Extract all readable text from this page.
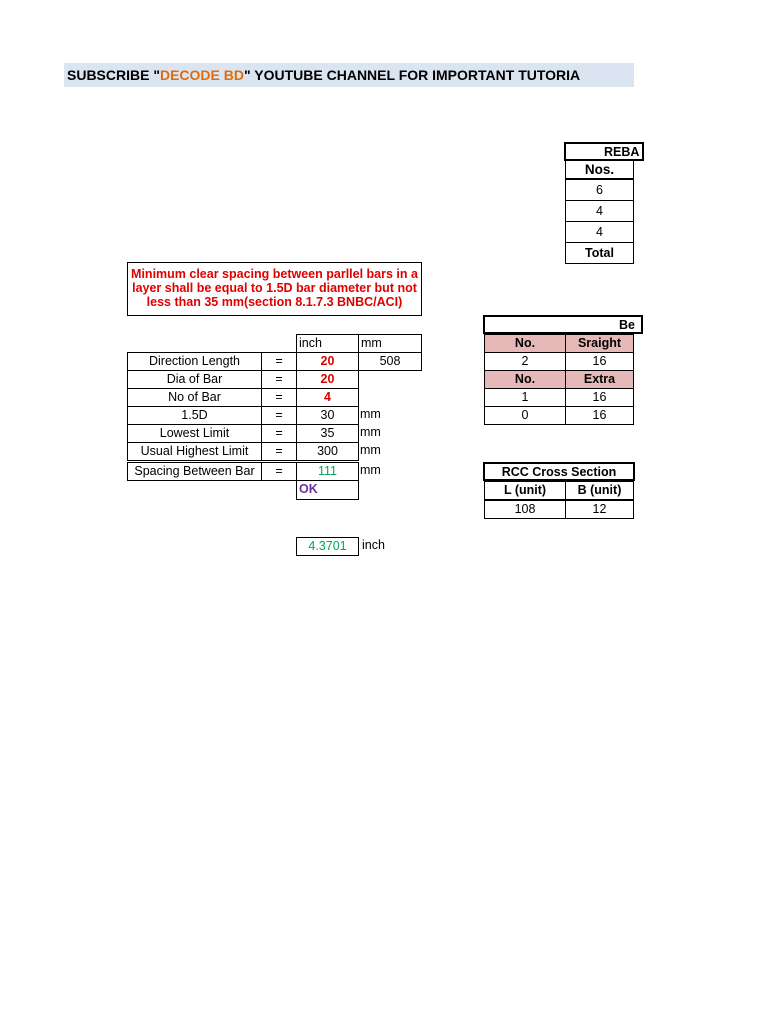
SUBSCRIBE "DECODE BD" YOUTUBE CHANNEL FOR IMPORTANT TUTORIA
Minimum clear spacing between parllel bars in a layer shall be equal to 1.5D bar diameter but not less than 35 mm(section 8.1.7.3 BNBC/ACI)
inch	mm
Direction Length	=	20	508
Dia of Bar	=	20
No of Bar	=	4
1.5D	=	30	mm
Lowest Limit	=	35	mm
Usual Highest Limit	=	300	mm
Spacing Between Bar	=	111	mm
OK
4.3701	inch
REBA
Nos.
6
4
4
Total
Be
No.	Sraight
2	16
No.	Extra
1	16
0	16
RCC Cross Section
L (unit)	B (unit)
108	12
